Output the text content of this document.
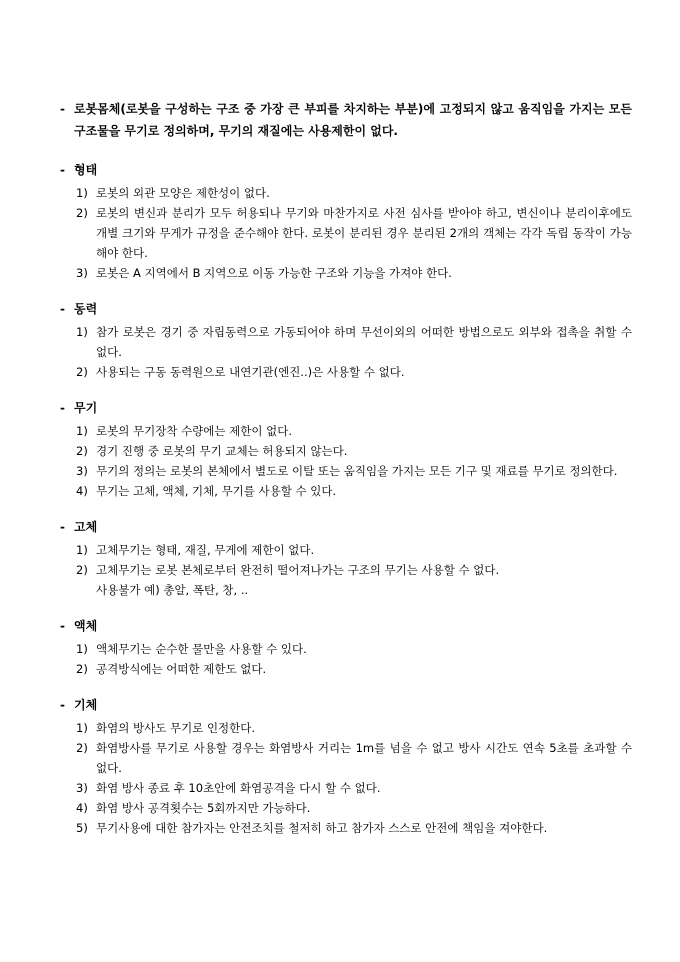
- 로봇몸체(로봇을 구성하는 구조 중 가장 큰 부피를 차지하는 부분)에 고정되지 않고 움직임을 가지는 모든 구조물을 무기로 정의하며, 무기의 재질에는 사용제한이 없다.
- 형태
1) 로봇의 외관 모양은 제한성이 없다.
2) 로봇의 변신과 분리가 모두 허용되나 무기와 마찬가지로 사전 심사를 받아야 하고, 변신이나 분리이후에도 개별 크기와 무게가 규정을 준수해야 한다. 로봇이 분리된 경우 분리된 2개의 객체는 각각 독립 동작이 가능해야 한다.
3) 로봇은 A 지역에서 B 지역으로 이동 가능한 구조와 기능을 가져야 한다.
- 동력
1) 참가 로봇은 경기 중 자립동력으로 가동되어야 하며 무선이외의 어떠한 방법으로도 외부와 접촉을 취할 수 없다.
2) 사용되는 구동 동력원으로 내연기관(엔진..)은 사용할 수 없다.
- 무기
1) 로봇의 무기장착 수량에는 제한이 없다.
2) 경기 진행 중 로봇의 무기 교체는 허용되지 않는다.
3) 무기의 정의는 로봇의 본체에서 별도로 이탈 또는 움직임을 가지는 모든 기구 및 재료를 무기로 정의한다.
4) 무기는 고체, 액체, 기체, 무기를 사용할 수 있다.
- 고체
1) 고체무기는 형태, 재질, 무게에 제한이 없다.
2) 고체무기는 로봇 본체로부터 완전히 떨어져나가는 구조의 무기는 사용할 수 없다.
사용불가 예) 총알, 폭탄, 창, ..
- 액체
1) 액체무기는 순수한 물만을 사용할 수 있다.
2) 공격방식에는 어떠한 제한도 없다.
- 기체
1) 화염의 방사도 무기로 인정한다.
2) 화염방사를 무기로 사용할 경우는 화염방사 거리는 1m를 넘을 수 없고 방사 시간도 연속 5초를 초과할 수 없다.
3) 화염 방사 종료 후 10초안에 화염공격을 다시 할 수 없다.
4) 화염 방사 공격횟수는 5회까지만 가능하다.
5) 무기사용에 대한 참가자는 안전조치를 철저히 하고 참가자 스스로 안전에 책임을 져야한다.
